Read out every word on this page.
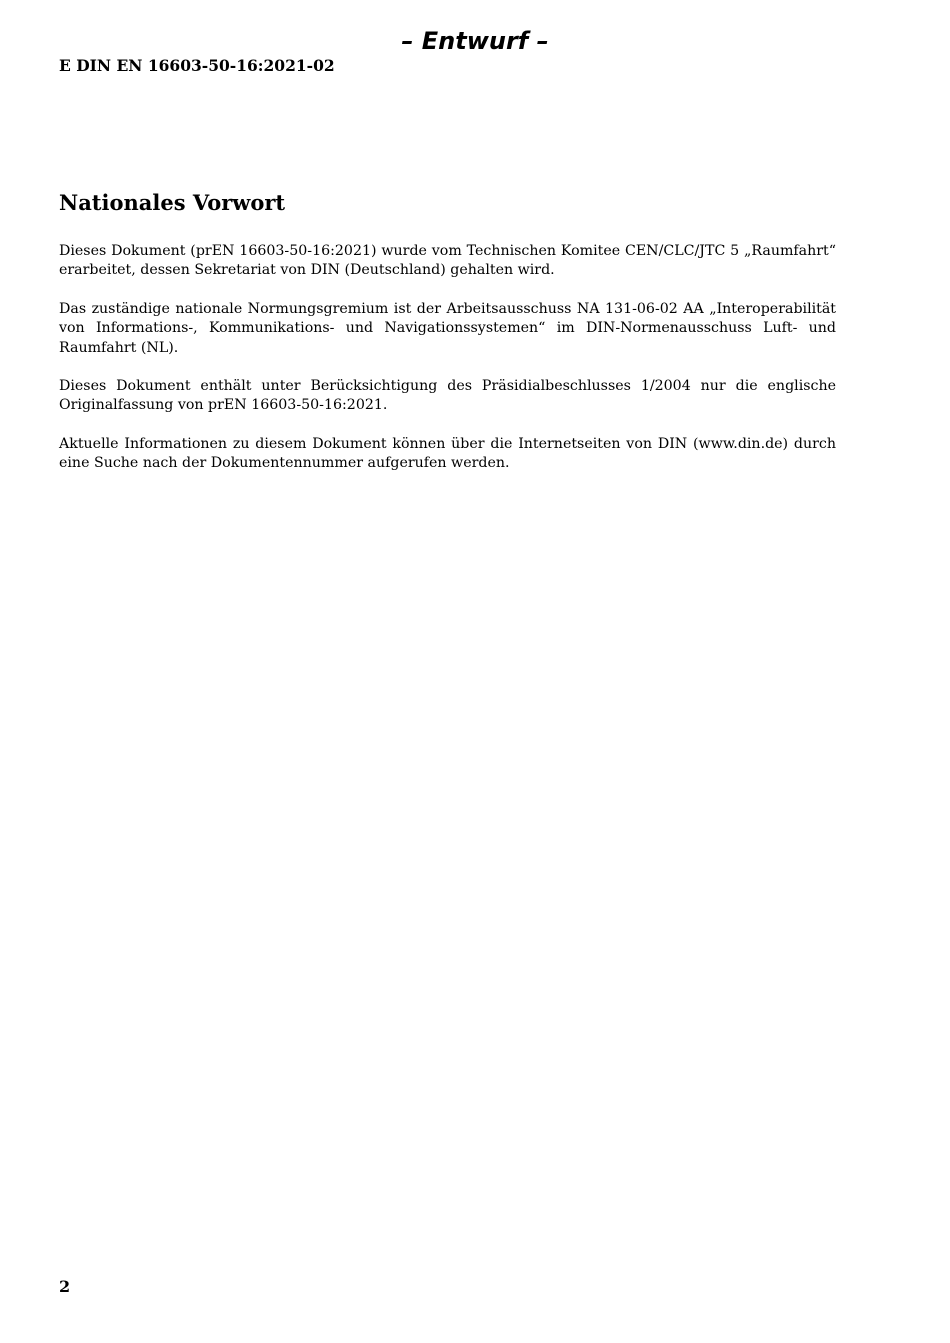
– Entwurf –
E DIN EN 16603-50-16:2021-02
Nationales Vorwort

Dieses Dokument (prEN 16603-50-16:2021) wurde vom Technischen Komitee CEN/CLC/JTC 5 „Raumfahrt“ erarbeitet, dessen Sekretariat von DIN (Deutschland) gehalten wird.

Das zuständige nationale Normungsgremium ist der Arbeitsausschuss NA 131-06-02 AA „Interoperabilität von Informations-, Kommunikations- und Navigationssystemen“ im DIN-Normenausschuss Luft- und Raumfahrt (NL).

Dieses Dokument enthält unter Berücksichtigung des Präsidialbeschlusses 1/2004 nur die englische Originalfassung von prEN 16603-50-16:2021.

Aktuelle Informationen zu diesem Dokument können über die Internetseiten von DIN (www.din.de) durch eine Suche nach der Dokumentennummer aufgerufen werden.

2
